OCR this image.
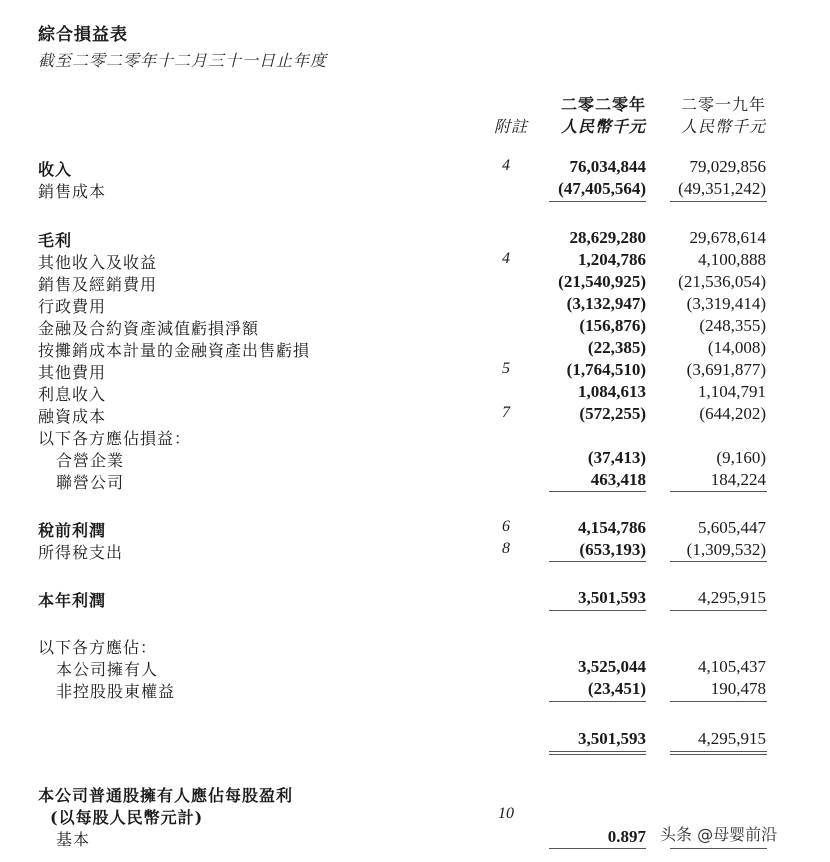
綜合損益表
截至二零二零年十二月三十一日止年度
二零二零年	二零一九年
附註	人民幣千元	人民幣千元
收入	4	76,034,844	79,029,856
銷售成本	(47,405,564)	(49,351,242)
毛利	28,629,280	29,678,614
其他收入及收益	4	1,204,786	4,100,888
銷售及經銷費用	(21,540,925)	(21,536,054)
行政費用	(3,132,947)	(3,319,414)
金融及合約資產減值虧損淨額	(156,876)	(248,355)
按攤銷成本計量的金融資產出售虧損	(22,385)	(14,008)
其他費用	5	(1,764,510)	(3,691,877)
利息收入	1,084,613	1,104,791
融資成本	7	(572,255)	(644,202)
以下各方應佔損益：
合營企業	(37,413)	(9,160)
聯營公司	463,418	184,224
稅前利潤	6	4,154,786	5,605,447
所得稅支出	8	(653,193)	(1,309,532)
本年利潤	3,501,593	4,295,915
以下各方應佔：
本公司擁有人	3,525,044	4,105,437
非控股股東權益	(23,451)	190,478
3,501,593	4,295,915
本公司普通股擁有人應佔每股盈利
(以每股人民幣元計)	10
基本	0.897 头条 @母婴前沿
